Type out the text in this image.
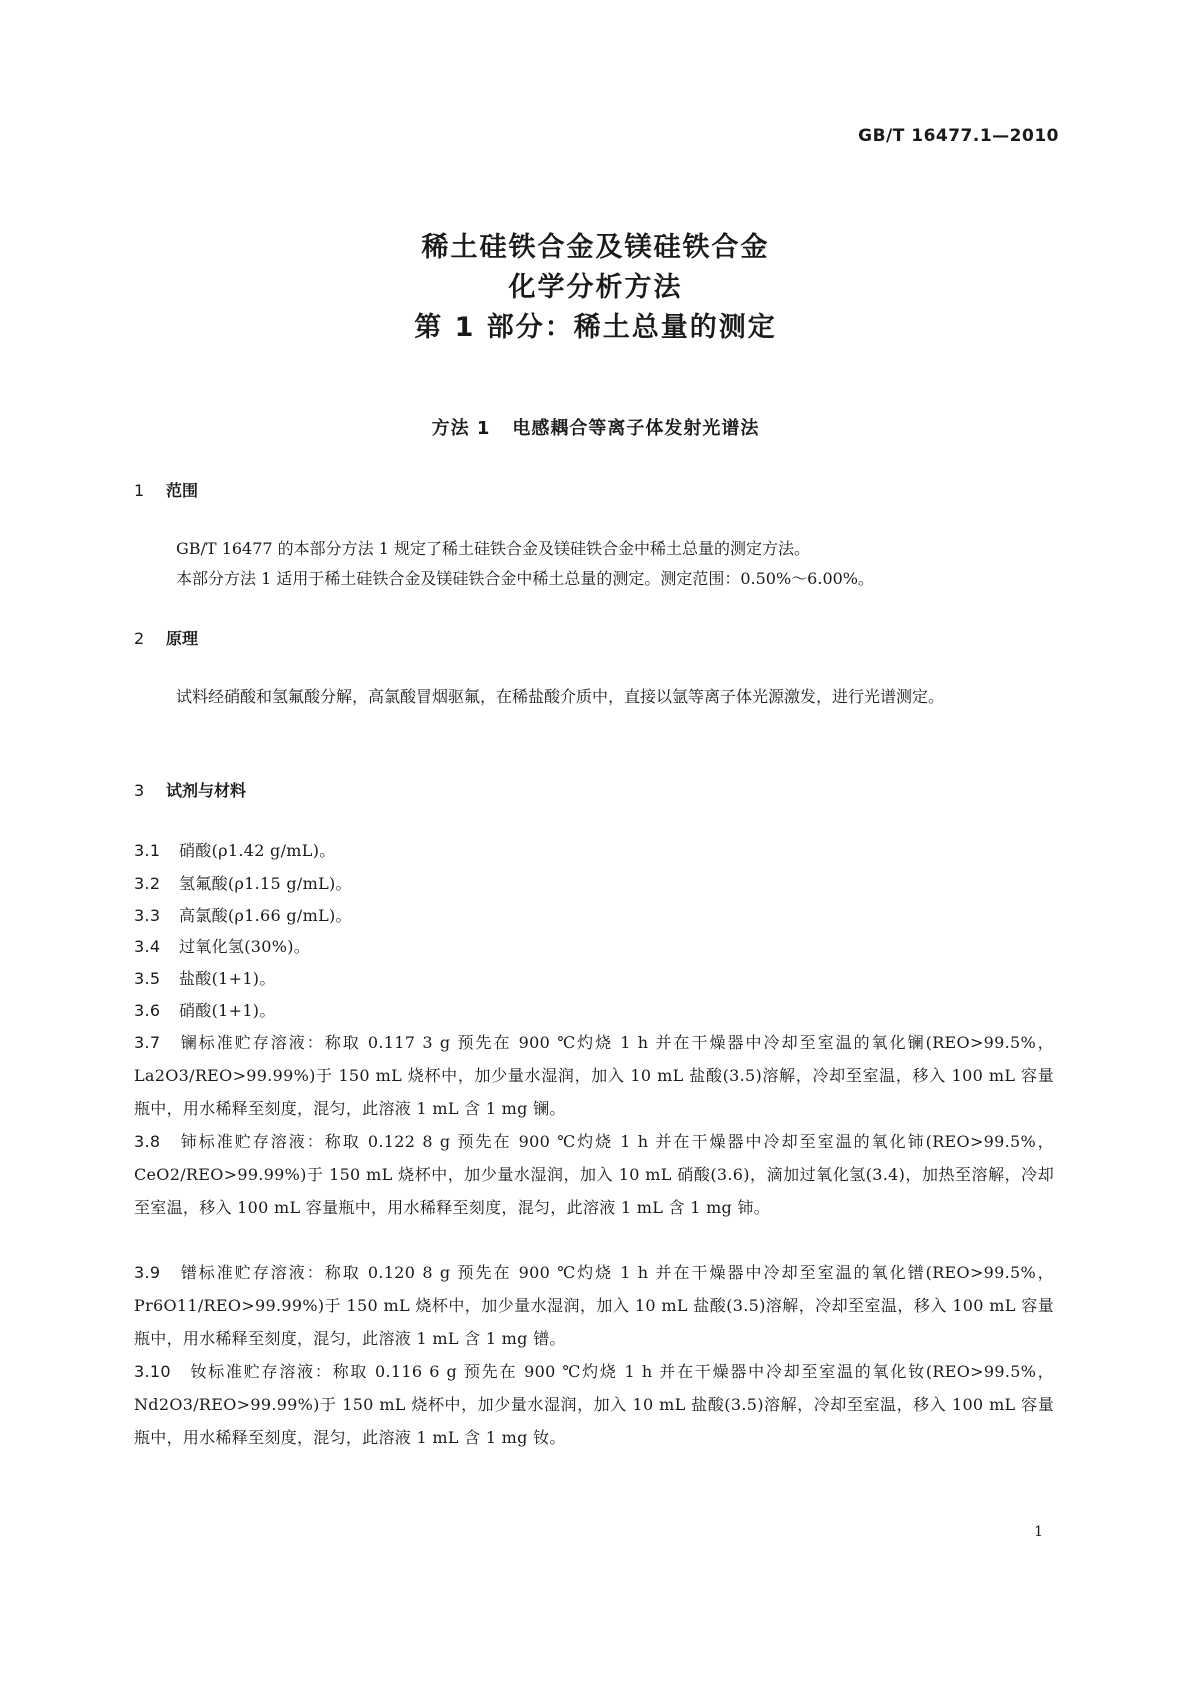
GB/T 16477.1—2010
稀土硅铁合金及镁硅铁合金
化学分析方法
第 1 部分：稀土总量的测定
方法 1 电感耦合等离子体发射光谱法
1 范围
GB/T 16477 的本部分方法 1 规定了稀土硅铁合金及镁硅铁合金中稀土总量的测定方法。
本部分方法 1 适用于稀土硅铁合金及镁硅铁合金中稀土总量的测定。测定范围：0.50%～6.00%。
2 原理
试料经硝酸和氢氟酸分解，高氯酸冒烟驱氟，在稀盐酸介质中，直接以氩等离子体光源激发，进行光谱测定。
3 试剂与材料
3.1 硝酸(ρ1.42 g/mL)。
3.2 氢氟酸(ρ1.15 g/mL)。
3.3 高氯酸(ρ1.66 g/mL)。
3.4 过氧化氢(30%)。
3.5 盐酸(1+1)。
3.6 硝酸(1+1)。
3.7 镧标准贮存溶液：称取 0.117 3 g 预先在 900 ℃灼烧 1 h 并在干燥器中冷却至室温的氧化镧(REO>99.5%，La2O3/REO>99.99%)于 150 mL 烧杯中，加少量水湿润，加入 10 mL 盐酸(3.5)溶解，冷却至室温，移入 100 mL 容量瓶中，用水稀释至刻度，混匀，此溶液 1 mL 含 1 mg 镧。
3.8 铈标准贮存溶液：称取 0.122 8 g 预先在 900 ℃灼烧 1 h 并在干燥器中冷却至室温的氧化铈(REO>99.5%，CeO2/REO>99.99%)于 150 mL 烧杯中，加少量水湿润，加入 10 mL 硝酸(3.6)，滴加过氧化氢(3.4)，加热至溶解，冷却至室温，移入 100 mL 容量瓶中，用水稀释至刻度，混匀，此溶液 1 mL 含 1 mg 铈。
3.9 镨标准贮存溶液：称取 0.120 8 g 预先在 900 ℃灼烧 1 h 并在干燥器中冷却至室温的氧化镨(REO>99.5%，Pr6O11/REO>99.99%)于 150 mL 烧杯中，加少量水湿润，加入 10 mL 盐酸(3.5)溶解，冷却至室温，移入 100 mL 容量瓶中，用水稀释至刻度，混匀，此溶液 1 mL 含 1 mg 镨。
3.10 钕标准贮存溶液：称取 0.116 6 g 预先在 900 ℃灼烧 1 h 并在干燥器中冷却至室温的氧化钕(REO>99.5%，Nd2O3/REO>99.99%)于 150 mL 烧杯中，加少量水湿润，加入 10 mL 盐酸(3.5)溶解，冷却至室温，移入 100 mL 容量瓶中，用水稀释至刻度，混匀，此溶液 1 mL 含 1 mg 钕。
1
